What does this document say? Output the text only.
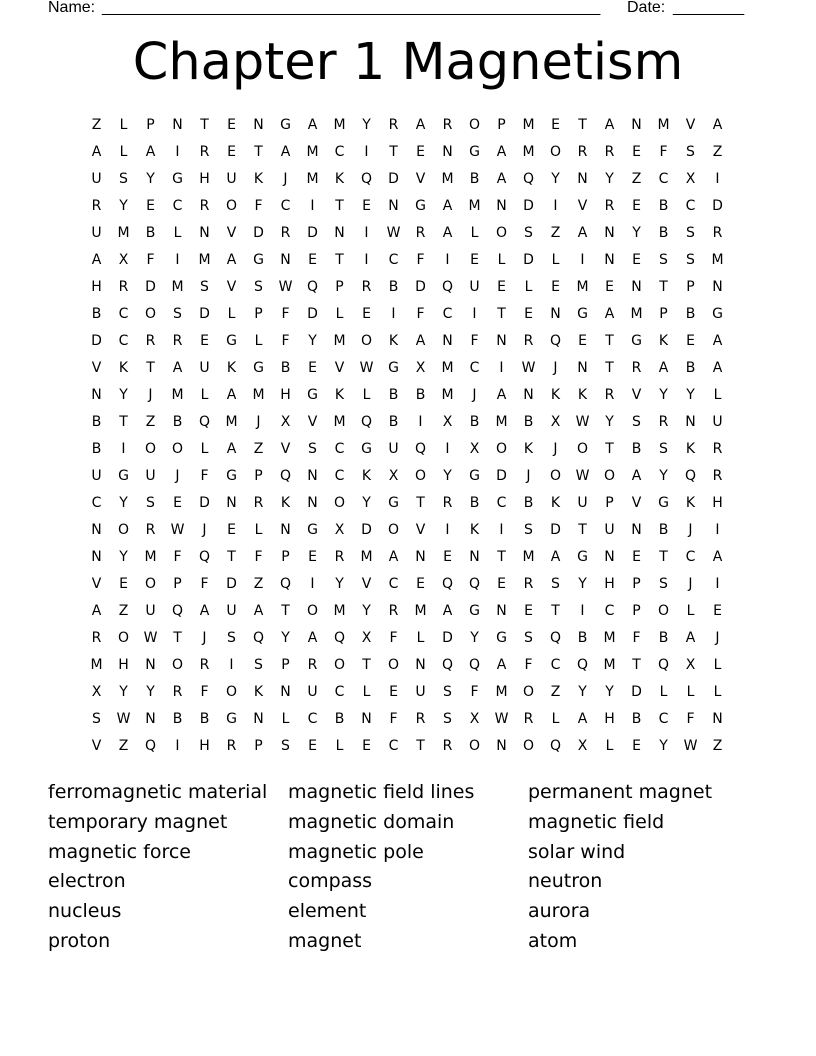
Name: ________________________________________________________ Date: ________
Chapter 1 Magnetism
Z	L	P	N	T	E	N	G	A	M	Y	R	A	R	O	P	M	E	T	A	N	M	V	A
A	L	A	I	R	E	T	A	M	C	I	T	E	N	G	A	M	O	R	R	E	F	S	Z
U	S	Y	G	H	U	K	J	M	K	Q	D	V	M	B	A	Q	Y	N	Y	Z	C	X	I
R	Y	E	C	R	O	F	C	I	T	E	N	G	A	M	N	D	I	V	R	E	B	C	D
U	M	B	L	N	V	D	R	D	N	I	W	R	A	L	O	S	Z	A	N	Y	B	S	R
A	X	F	I	M	A	G	N	E	T	I	C	F	I	E	L	D	L	I	N	E	S	S	M
H	R	D	M	S	V	S	W	Q	P	R	B	D	Q	U	E	L	E	M	E	N	T	P	N
B	C	O	S	D	L	P	F	D	L	E	I	F	C	I	T	E	N	G	A	M	P	B	G
D	C	R	R	E	G	L	F	Y	M	O	K	A	N	F	N	R	Q	E	T	G	K	E	A
V	K	T	A	U	K	G	B	E	V	W	G	X	M	C	I	W	J	N	T	R	A	B	A
N	Y	J	M	L	A	M	H	G	K	L	B	B	M	J	A	N	K	K	R	V	Y	Y	L
B	T	Z	B	Q	M	J	X	V	M	Q	B	I	X	B	M	B	X	W	Y	S	R	N	U
B	I	O	O	L	A	Z	V	S	C	G	U	Q	I	X	O	K	J	O	T	B	S	K	R
U	G	U	J	F	G	P	Q	N	C	K	X	O	Y	G	D	J	O	W	O	A	Y	Q	R
C	Y	S	E	D	N	R	K	N	O	Y	G	T	R	B	C	B	K	U	P	V	G	K	H
N	O	R	W	J	E	L	N	G	X	D	O	V	I	K	I	S	D	T	U	N	B	J	I
N	Y	M	F	Q	T	F	P	E	R	M	A	N	E	N	T	M	A	G	N	E	T	C	A
V	E	O	P	F	D	Z	Q	I	Y	V	C	E	Q	Q	E	R	S	Y	H	P	S	J	I
A	Z	U	Q	A	U	A	T	O	M	Y	R	M	A	G	N	E	T	I	C	P	O	L	E
R	O	W	T	J	S	Q	Y	A	Q	X	F	L	D	Y	G	S	Q	B	M	F	B	A	J
M	H	N	O	R	I	S	P	R	O	T	O	N	Q	Q	A	F	C	Q	M	T	Q	X	L
X	Y	Y	R	F	O	K	N	U	C	L	E	U	S	F	M	O	Z	Y	Y	D	L	L	L
S	W	N	B	B	G	N	L	C	B	N	F	R	S	X	W	R	L	A	H	B	C	F	N
V	Z	Q	I	H	R	P	S	E	L	E	C	T	R	O	N	O	Q	X	L	E	Y	W	Z
ferromagnetic material	magnetic field lines	permanent magnet
temporary magnet	magnetic domain	magnetic field
magnetic force	magnetic pole	solar wind
electron	compass	neutron
nucleus	element	aurora
proton	magnet	atom
